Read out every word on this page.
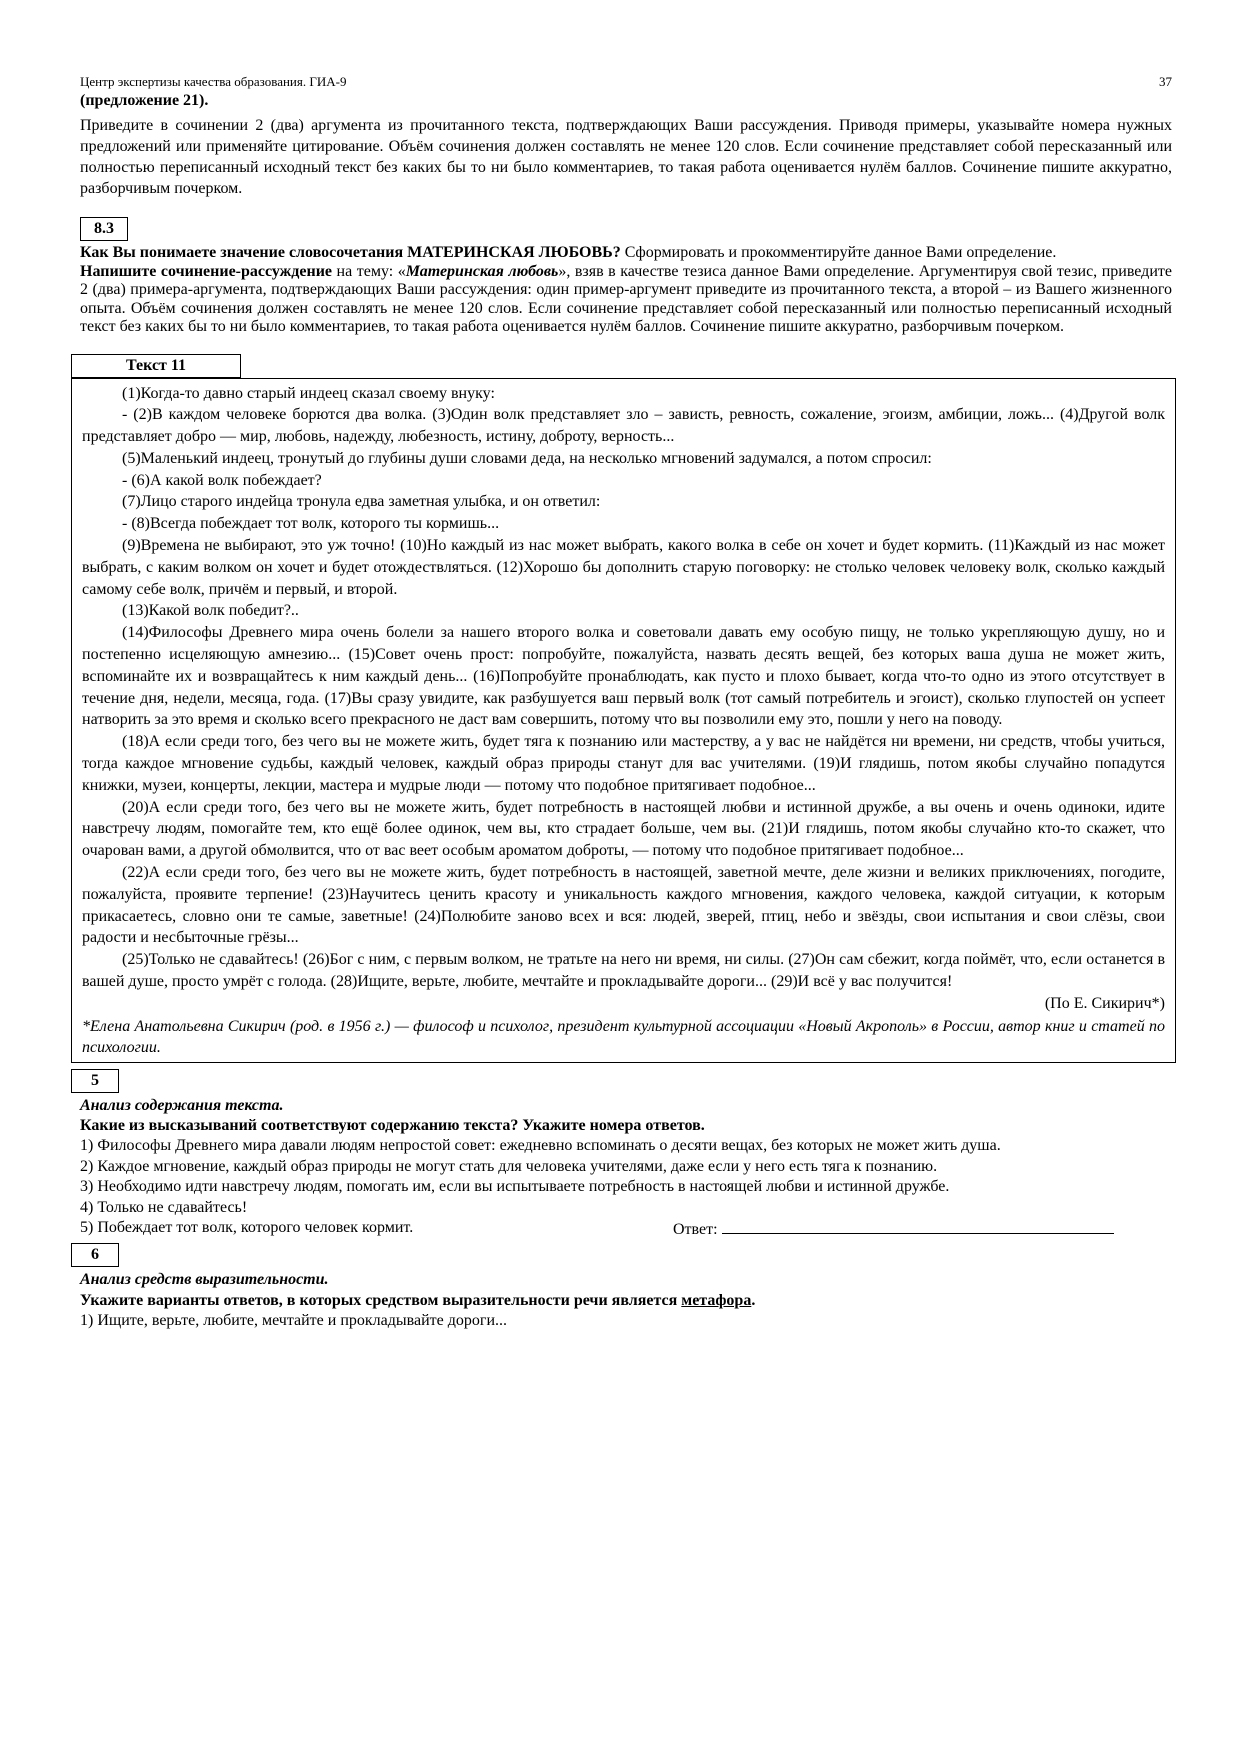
Центр экспертизы качества образования. ГИА-9	37

(предложение 21).

Приведите в сочинении 2 (два) аргумента из прочитанного текста, подтверждающих Ваши рассуждения. Приводя примеры, указывайте номера нужных предложений или применяйте цитирование. Объём сочинения должен составлять не менее 120 слов. Если сочинение представляет собой пересказанный или полностью переписанный исходный текст без каких бы то ни было комментариев, то такая работа оценивается нулём баллов. Сочинение пишите аккуратно, разборчивым почерком.

8.3

Как Вы понимаете значение словосочетания МАТЕРИНСКАЯ ЛЮБОВЬ? Сформировать и прокомментируйте данное Вами определение.

Напишите сочинение-рассуждение на тему: «Материнская любовь», взяв в качестве тезиса данное Вами определение. Аргументируя свой тезис, приведите 2 (два) примера-аргумента, подтверждающих Ваши рассуждения: один пример-аргумент приведите из прочитанного текста, а второй – из Вашего жизненного опыта. Объём сочинения должен составлять не менее 120 слов. Если сочинение представляет собой пересказанный или полностью переписанный исходный текст без каких бы то ни было комментариев, то такая работа оценивается нулём баллов. Сочинение пишите аккуратно, разборчивым почерком.

Текст 11

(1)Когда-то давно старый индеец сказал своему внуку:

- (2)В каждом человеке борются два волка. (3)Один волк представляет зло – зависть, ревность, сожаление, эгоизм, амбиции, ложь... (4)Другой волк представляет добро — мир, любовь, надежду, любезность, истину, доброту, верность...

(5)Маленький индеец, тронутый до глубины души словами деда, на несколько мгновений задумался, а потом спросил:

- (6)А какой волк побеждает?

(7)Лицо старого индейца тронула едва заметная улыбка, и он ответил:

- (8)Всегда побеждает тот волк, которого ты кормишь...

(9)Времена не выбирают, это уж точно! (10)Но каждый из нас может выбрать, какого волка в себе он хочет и будет кормить. (11)Каждый из нас может выбрать, с каким волком он хочет и будет отождествляться. (12)Хорошо бы дополнить старую поговорку: не столько человек человеку волк, сколько каждый самому себе волк, причём и первый, и второй.

(13)Какой волк победит?..

(14)Философы Древнего мира очень болели за нашего второго волка и советовали давать ему особую пищу, не только укрепляющую душу, но и постепенно исцеляющую амнезию... (15)Совет очень прост: попробуйте, пожалуйста, назвать десять вещей, без которых ваша душа не может жить, вспоминайте их и возвращайтесь к ним каждый день... (16)Попробуйте пронаблюдать, как пусто и плохо бывает, когда что-то одно из этого отсутствует в течение дня, недели, месяца, года. (17)Вы сразу увидите, как разбушуется ваш первый волк (тот самый потребитель и эгоист), сколько глупостей он успеет натворить за это время и сколько всего прекрасного не даст вам совершить, потому что вы позволили ему это, пошли у него на поводу.

(18)А если среди того, без чего вы не можете жить, будет тяга к познанию или мастерству, а у вас не найдётся ни времени, ни средств, чтобы учиться, тогда каждое мгновение судьбы, каждый человек, каждый образ природы станут для вас учителями. (19)И глядишь, потом якобы случайно попадутся книжки, музеи, концерты, лекции, мастера и мудрые люди — потому что подобное притягивает подобное...

(20)А если среди того, без чего вы не можете жить, будет потребность в настоящей любви и истинной дружбе, а вы очень и очень одиноки, идите навстречу людям, помогайте тем, кто ещё более одинок, чем вы, кто страдает больше, чем вы. (21)И глядишь, потом якобы случайно кто-то скажет, что очарован вами, а другой обмолвится, что от вас веет особым ароматом доброты, — потому что подобное притягивает подобное...

(22)А если среди того, без чего вы не можете жить, будет потребность в настоящей, заветной мечте, деле жизни и великих приключениях, погодите, пожалуйста, проявите терпение! (23)Научитесь ценить красоту и уникальность каждого мгновения, каждого человека, каждой ситуации, к которым прикасаетесь, словно они те самые, заветные! (24)Полюбите заново всех и вся: людей, зверей, птиц, небо и звёзды, свои испытания и свои слёзы, свои радости и несбыточные грёзы...

(25)Только не сдавайтесь! (26)Бог с ним, с первым волком, не тратьте на него ни время, ни силы. (27)Он сам сбежит, когда поймёт, что, если останется в вашей душе, просто умрёт с голода. (28)Ищите, верьте, любите, мечтайте и прокладывайте дороги... (29)И всё у вас получится!

(По Е. Сикирич*)

*Елена Анатольевна Сикирич (род. в 1956 г.) — философ и психолог, президент культурной ассоциации «Новый Акрополь» в России, автор книг и статей по психологии.

5

Анализ содержания текста.

Какие из высказываний соответствуют содержанию текста? Укажите номера ответов.

1) Философы Древнего мира давали людям непростой совет: ежедневно вспоминать о десяти вещах, без которых не может жить душа.

2) Каждое мгновение, каждый образ природы не могут стать для человека учителями, даже если у него есть тяга к познанию.

3) Необходимо идти навстречу людям, помогать им, если вы испытываете потребность в настоящей любви и истинной дружбе.

4) Только не сдавайтесь!

5) Побеждает тот волк, которого человек кормит.	Ответ:
6

Анализ средств выразительности.

Укажите варианты ответов, в которых средством выразительности речи является метафора.

1) Ищите, верьте, любите, мечтайте и прокладывайте дороги...
